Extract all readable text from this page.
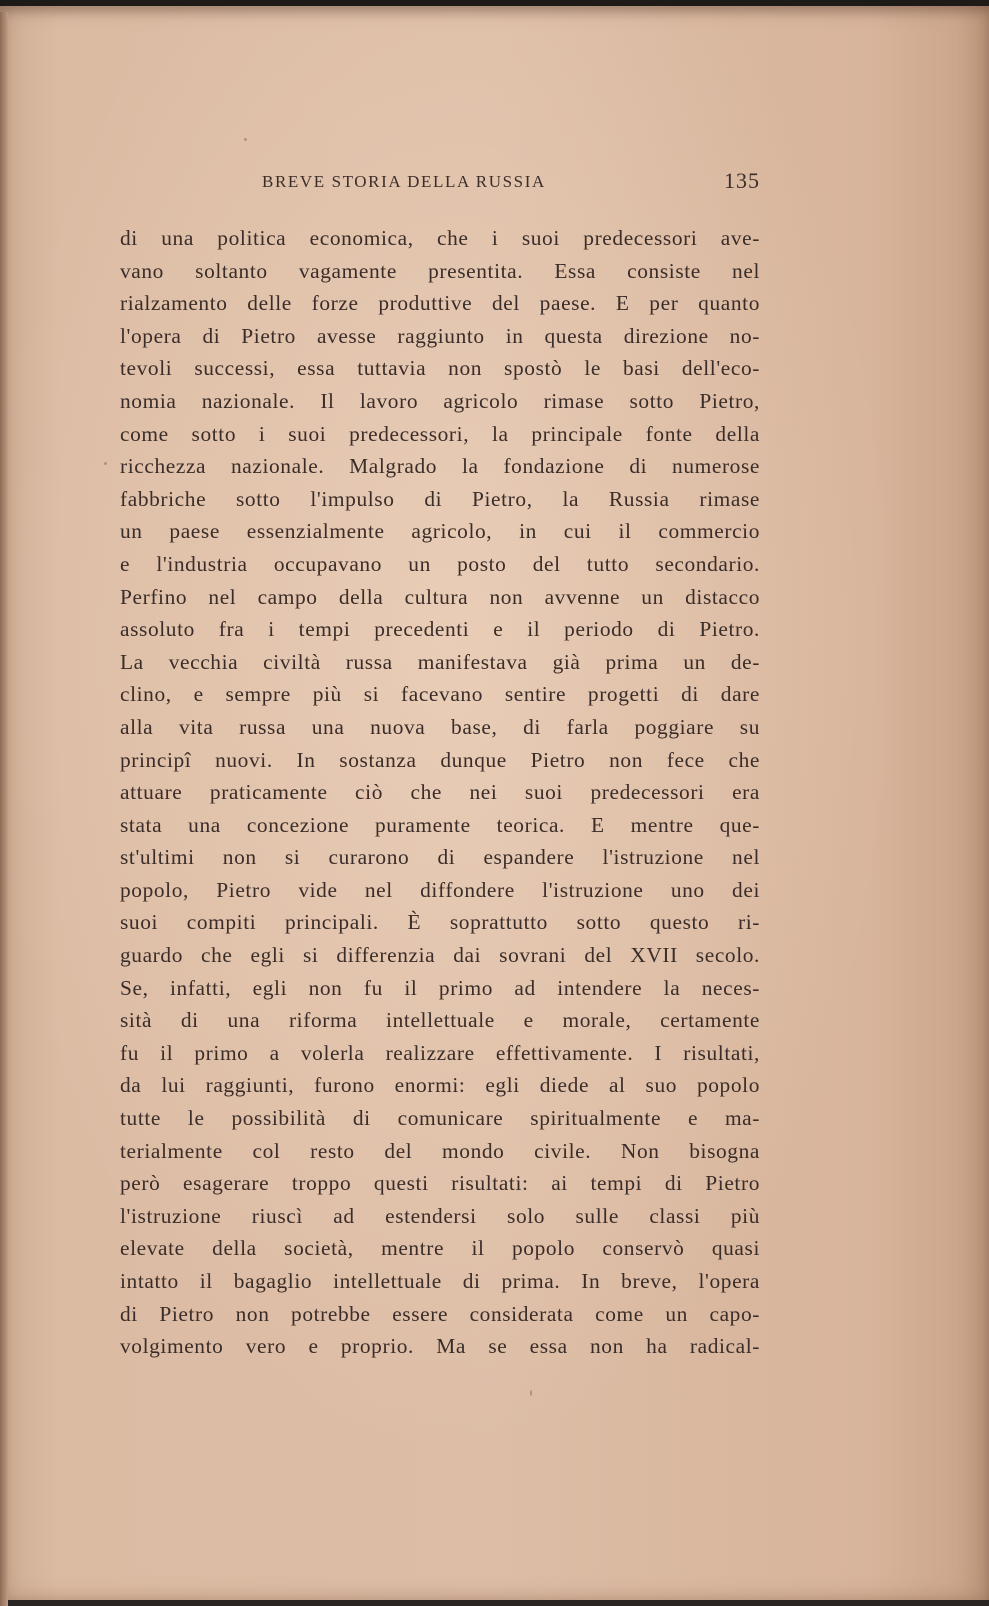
BREVE STORIA DELLA RUSSIA	135
di una politica economica, che i suoi predecessori ave-
vano soltanto vagamente presentita. Essa consiste nel
rialzamento delle forze produttive del paese. E per quanto
l'opera di Pietro avesse raggiunto in questa direzione no-
tevoli successi, essa tuttavia non spostò le basi dell'eco-
nomia nazionale. Il lavoro agricolo rimase sotto Pietro,
come sotto i suoi predecessori, la principale fonte della
ricchezza nazionale. Malgrado la fondazione di numerose
fabbriche sotto l'impulso di Pietro, la Russia rimase
un paese essenzialmente agricolo, in cui il commercio
e l'industria occupavano un posto del tutto secondario.
Perfino nel campo della cultura non avvenne un distacco
assoluto fra i tempi precedenti e il periodo di Pietro.
La vecchia civiltà russa manifestava già prima un de-
clino, e sempre più si facevano sentire progetti di dare
alla vita russa una nuova base, di farla poggiare su
principî nuovi. In sostanza dunque Pietro non fece che
attuare praticamente ciò che nei suoi predecessori era
stata una concezione puramente teorica. E mentre que-
st'ultimi non si curarono di espandere l'istruzione nel
popolo, Pietro vide nel diffondere l'istruzione uno dei
suoi compiti principali. È soprattutto sotto questo ri-
guardo che egli si differenzia dai sovrani del XVII secolo.
Se, infatti, egli non fu il primo ad intendere la neces-
sità di una riforma intellettuale e morale, certamente
fu il primo a volerla realizzare effettivamente. I risultati,
da lui raggiunti, furono enormi: egli diede al suo popolo
tutte le possibilità di comunicare spiritualmente e ma-
terialmente col resto del mondo civile. Non bisogna
però esagerare troppo questi risultati: ai tempi di Pietro
l'istruzione riuscì ad estendersi solo sulle classi più
elevate della società, mentre il popolo conservò quasi
intatto il bagaglio intellettuale di prima. In breve, l'opera
di Pietro non potrebbe essere considerata come un capo-
volgimento vero e proprio. Ma se essa non ha radical-
